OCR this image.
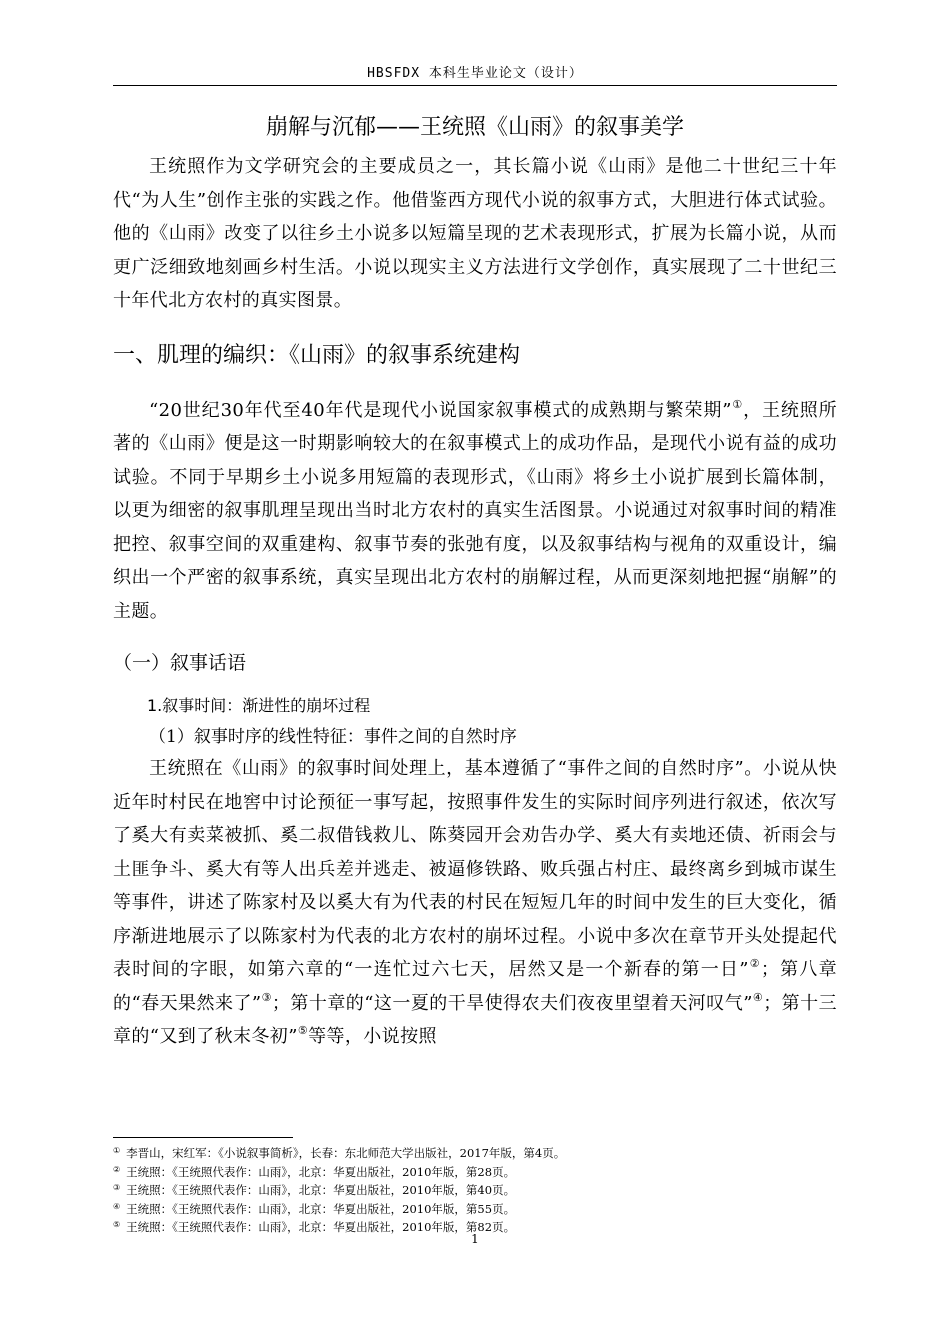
HBSFDX 本科生毕业论文（设计）
崩解与沉郁——王统照《山雨》的叙事美学

王统照作为文学研究会的主要成员之一，其长篇小说《山雨》是他二十世纪三十年代“为人生”创作主张的实践之作。他借鉴西方现代小说的叙事方式，大胆进行体式试验。他的《山雨》改变了以往乡土小说多以短篇呈现的艺术表现形式，扩展为长篇小说，从而更广泛细致地刻画乡村生活。小说以现实主义方法进行文学创作，真实展现了二十世纪三十年代北方农村的真实图景。

一、肌理的编织：《山雨》的叙事系统建构

“20世纪30年代至40年代是现代小说国家叙事模式的成熟期与繁荣期”①，王统照所著的《山雨》便是这一时期影响较大的在叙事模式上的成功作品，是现代小说有益的成功试验。不同于早期乡土小说多用短篇的表现形式，《山雨》将乡土小说扩展到长篇体制，以更为细密的叙事肌理呈现出当时北方农村的真实生活图景。小说通过对叙事时间的精准把控、叙事空间的双重建构、叙事节奏的张弛有度，以及叙事结构与视角的双重设计，编织出一个严密的叙事系统，真实呈现出北方农村的崩解过程，从而更深刻地把握“崩解”的主题。

（一）叙事话语
1.叙事时间：渐进性的崩坏过程

（1）叙事时序的线性特征：事件之间的自然时序

王统照在《山雨》的叙事时间处理上，基本遵循了“事件之间的自然时序”。小说从快近年时村民在地窖中讨论预征一事写起，按照事件发生的实际时间序列进行叙述，依次写了奚大有卖菜被抓、奚二叔借钱救儿、陈葵园开会劝告办学、奚大有卖地还债、祈雨会与土匪争斗、奚大有等人出兵差并逃走、被逼修铁路、败兵强占村庄、最终离乡到城市谋生等事件，讲述了陈家村及以奚大有为代表的村民在短短几年的时间中发生的巨大变化，循序渐进地展示了以陈家村为代表的北方农村的崩坏过程。小说中多次在章节开头处提起代表时间的字眼，如第六章的“一连忙过六七天，居然又是一个新春的第一日”②；第八章的“春天果然来了”③；第十章的“这一夏的干旱使得农夫们夜夜里望着天河叹气”④；第十三章的“又到了秋末冬初”⑤等等，小说按照

① 李晋山，宋红军：《小说叙事简析》，长春：东北师范大学出版社，2017年版，第4页。

② 王统照：《王统照代表作：山雨》，北京：华夏出版社，2010年版，第28页。

③ 王统照：《王统照代表作：山雨》，北京：华夏出版社，2010年版，第40页。

④ 王统照：《王统照代表作：山雨》，北京：华夏出版社，2010年版，第55页。

⑤ 王统照：《王统照代表作：山雨》，北京：华夏出版社，2010年版，第82页。

1
